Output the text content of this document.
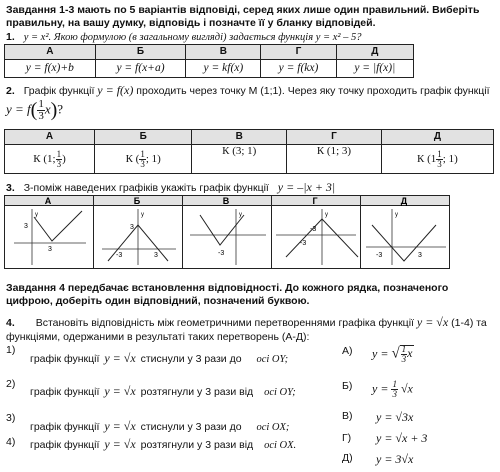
Завдання 1-3 мають по 5 варіантів відповіді, серед яких лише один правильний. Виберіть правильну, на вашу думку, відповідь і позначте її у бланку відповідей.
1. y = x². Якою формулою (в загальному вигляді) задається функція y = x² – 5?
А	Б	В	Г	Д
y = f(x)+b	y = f(x+a)	y = kf(x)	y = f(kx)	y = |f(x)|
2. Графік функції y = f(x) проходить через точку М (1;1). Через яку точку проходить графік функції
$y = f( \frac{1}{3} x)$?
А	Б	В	Г	Д
К (1; $\frac{1}{3}$ )	К ( $\frac{1}{3}$ ; 1)	К (3; 1)	К (1; 3)	К ($1 \frac{1}{3}$ ; 1)
3. З-поміж наведених графіків укажіть графік функції y = –|x + 3|
А	Б	В	Г	Д
y
3
3
y
-3	3
3
y
-3
y
-3
-3
y
-3	3
Завдання 4 передбачає встановлення відповідності. До кожного рядка, позначеного цифрою, доберіть один відповідний, позначений буквою.
4. Встановіть відповідність між геометричними перетвореннями графіка функції y = √x (1-4) та функціями, одержаними в результаті таких перетворень (А-Д):
1)
графік функції y = √x стиснули у 3 рази до осі OY;
2)
графік функції y = √x розтягнули у 3 рази від осі OY;
3)
графік функції y = √x стиснули у 3 рази до осі OX;
4) графік функції y = √x розтягнули у 3 рази від осі OX.
А) y = √ $\frac{1}{3}$ x
Б) $y = \frac{1}{3} √x$
В) y = √3x
Г) y = √x + 3
Д) y = 3√x
